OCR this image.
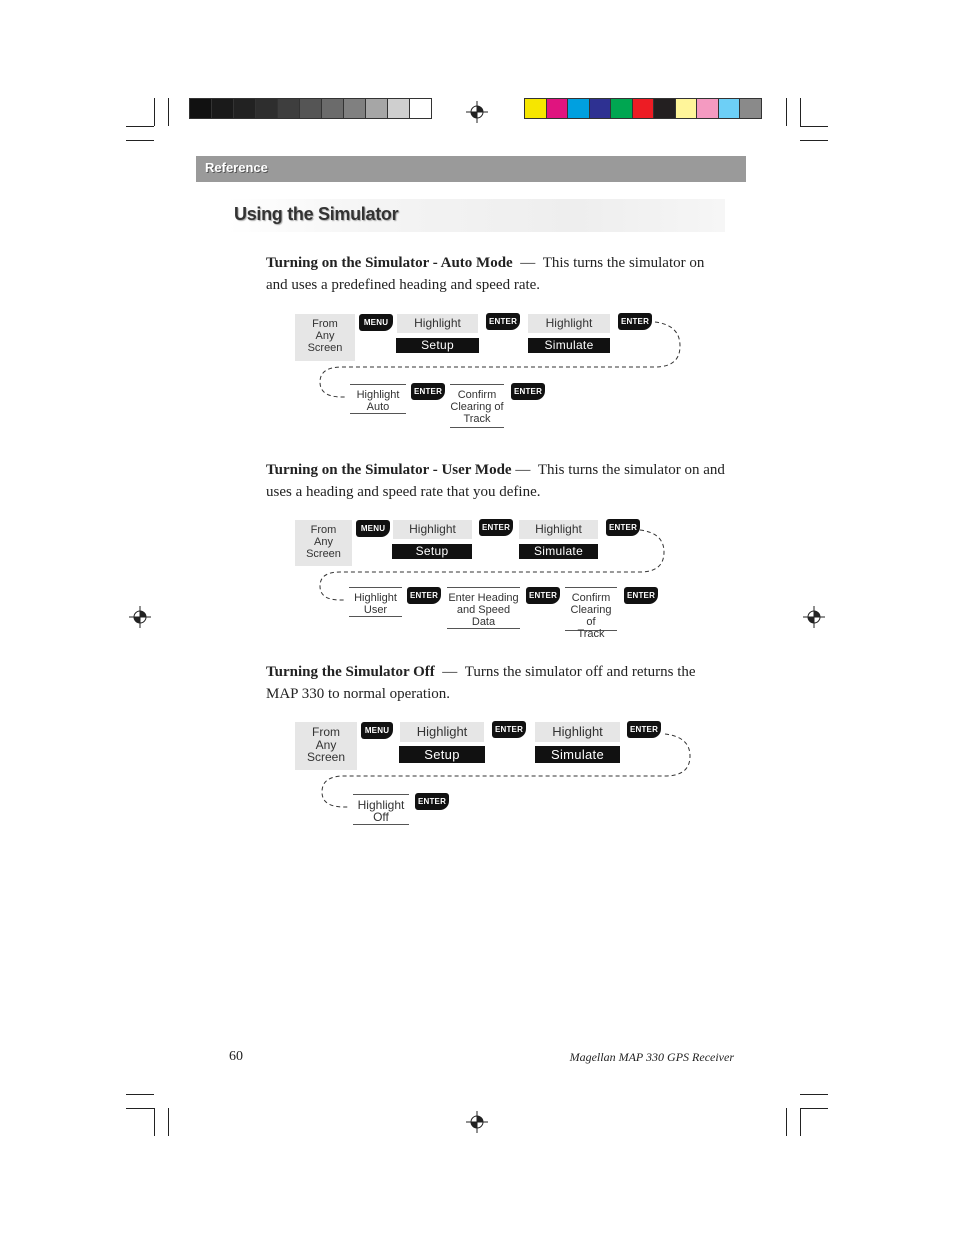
Reference
Using the Simulator
Turning on the Simulator - Auto Mode — This turns the simulator on
and uses a predefined heading and speed rate.
From
Any
Screen
MENU	Highlight
Setup
ENTER	Highlight
Simulate
ENTER
Highlight
Auto
ENTER	Confirm
Clearing of
Track
ENTER
Turning on the Simulator - User Mode — This turns the simulator on and
uses a heading and speed rate that you define.
From
Any
Screen
MENU	Highlight
Setup
ENTER	Highlight
Simulate
ENTER
Highlight
User
ENTER Enter Heading
and Speed
Data
ENTER	Confirm
Clearing of
Track
ENTER
Turning the Simulator Off — Turns the simulator off and returns the
MAP 330 to normal operation.
From
Any
Screen
MENU	Highlight
Setup
ENTER	Highlight
Simulate
ENTER
Highlight
Off
ENTER
60	Magellan MAP 330 GPS Receiver
